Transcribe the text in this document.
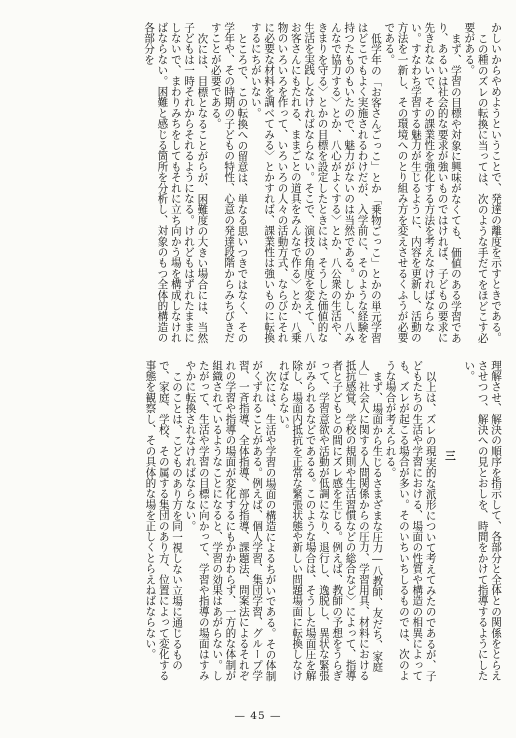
かしいからやめようということで、発達の離度を示すときである。

この種のズレの転換に当っては、次のような手だてをほどこす必要がある。

まず、学習の目標や対象に興味がなくても、価値のある学習であり、あるいは社会的な要求が強いものではければ、子どもの要求に先きれないで、その課業性を強化する方法を考えなければならない。すなわち学習する魅力が生じるように、内容を更新し、活動の方法を一新し、その環境へのとり組み方を変えさせるくふうが必要である。

低学年の「お客さんごっこ」とか「乗物ごっこ」とかの単元学習はどこでもよく実施されるわけだが、入学前に、そのような経験を持つたものもいたので、魅力がないのは当然である。しかし、八みんなで協力する〉とか、八心がよくする〉とか、八公衆の生活や、きまりを守る〉とかの目標を設定したときには、そうした価値的な生活を実践しなければならない。そこで、演技の角度を変えて、八お客さんにもたれる、ままごとの道具をみんなで作る〉とか、八乗物のいろいろを作って、いろいろの人々の活動方式、ならびにそれに必要な材料を調べてみる〉とかすれば、課業性は強いものに転換するにちがいない。

ところで、この転換への留意は、単なる思いつきではなく、その学年や、その時期の子どもの特性、心意の発達段階からみちびきだすことが必要である。

次には、目標となることがらが、困難度の大きい場合には、当然子どもは一時それからそれるようになる。けれどもはずれたままにしないで、まわりみちをしてもそれに立ち向かう場を構成しなければならない。困難と感じる箇所を分析し、対象のもつ全体的構造の各部分を

理解させ、解決の順序を指示して、各部分と全体との関係をとらえさせつつ、解決への見とおしを、時間をかけて指導するようにしたい。

三

以上は、ズレの現実的な派形について考えてみたのであるが、子どもたちの生活や学習における、場面の性質や構造の相異によっても、ズレが起こる場合が多い。そのいちいちしるものでは、次のような場合が考えられる。

まず、場面から生じるさまざまな圧力―八教師、友だち、家庭人」社会人に関する人間関係からの圧力、学習用具、材料における抵抗感覚、学校の規則や生活習慣などの総合など〉によって、指導者と子どもとの間にズレ感を生じる。例えば、教師の予想をうらぎって、学習意欲や活動が低調になり、退行し、逸脱し、異状な緊張がみられるなどであるる。このような場合は、そうした場面圧を解除し、場面内抵抗を正常な緊張状態や新しい問題場面に転換しなければならない。

次には、生活や学習の場面の構造によるちがいである。その体制がくずれることがある。例えば、個人学習、集団学習、グループ学習、一斉指導、全体指導、部分指導、課題法、問案法によるそれぞれの学習や指導の場面が変化するにもかかわらず、一方的な体制が組織されているようなことになると、学習の効果はあがらない。したがって、生活や学習の目標に向かって、学習や指導の場面はすみやかに転換されなければならない。

このことは、こどものあり方を同一視しない立場に通じるもので、家庭、学校、その属する集団のあり方、位置によって変化する事態を観察し、その具体的な場を正しくとらえねばならない。

— 45 —
